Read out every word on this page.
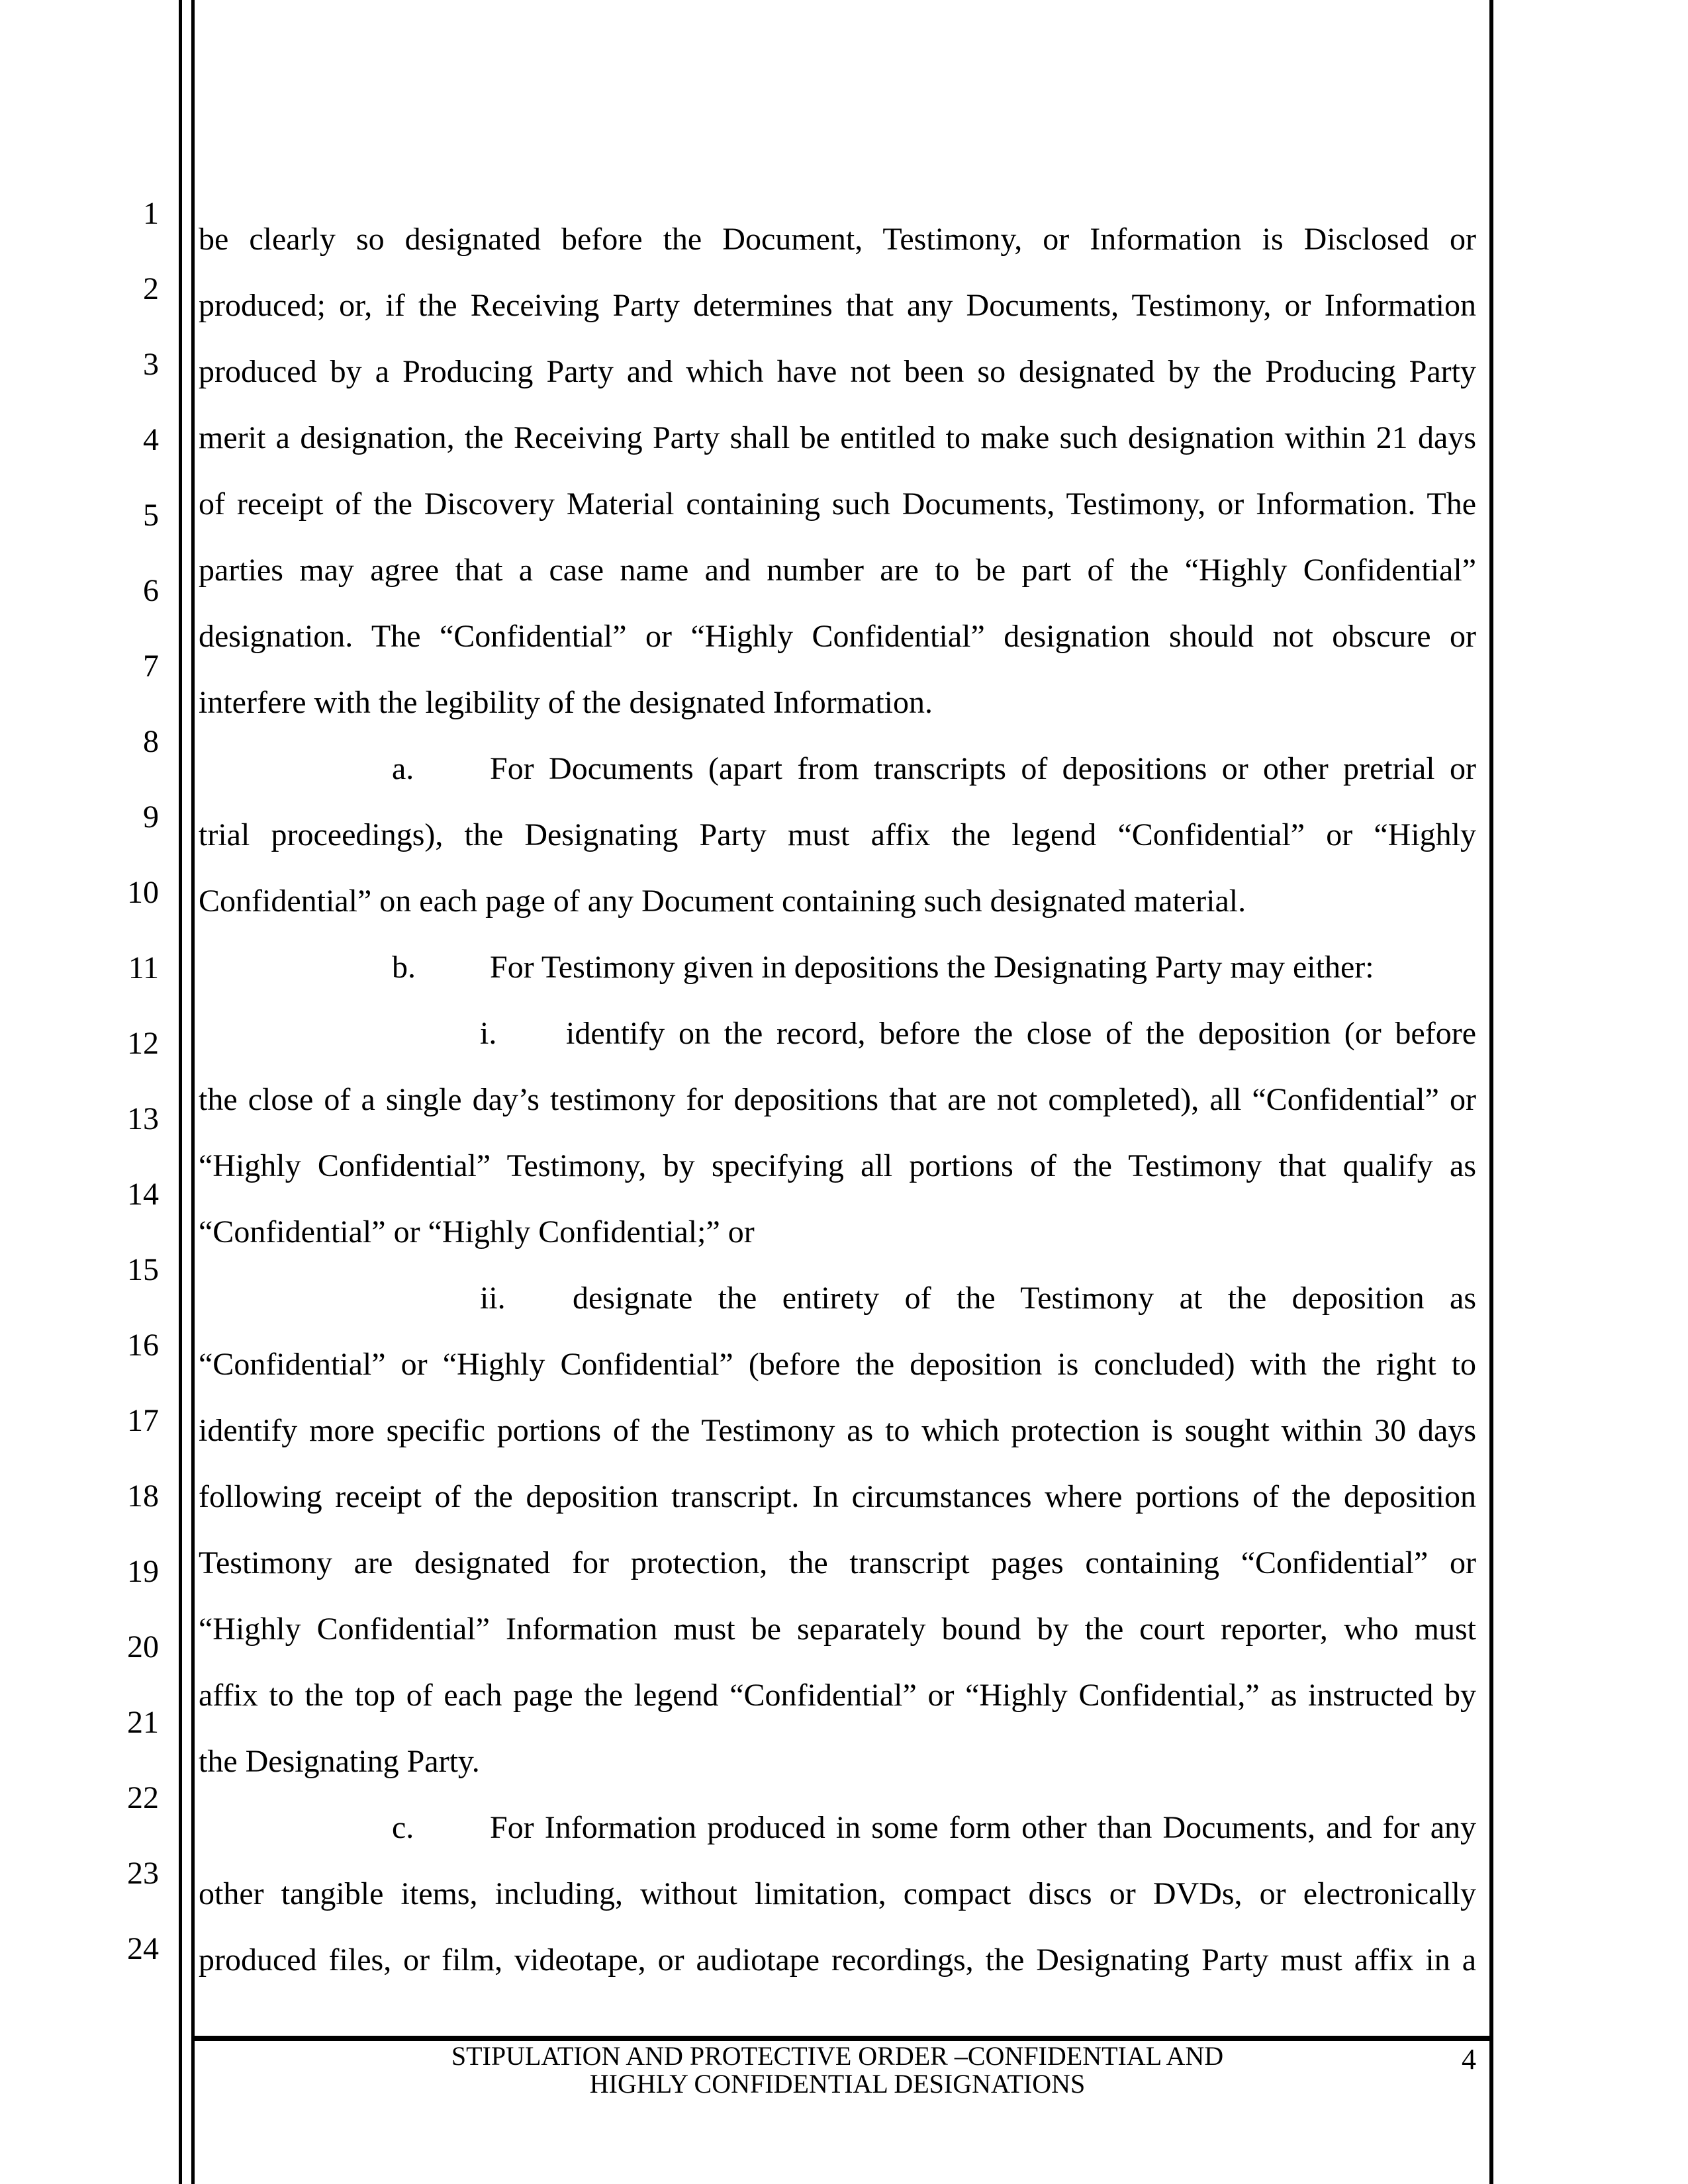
1
2
3
4
5
6
7
8
9
10
11
12
13
14
15
16
17
18
19
20
21
22
23
24
be clearly so designated before the Document, Testimony, or Information is Disclosed or
produced; or, if the Receiving Party determines that any Documents, Testimony, or Information
produced by a Producing Party and which have not been so designated by the Producing Party
merit a designation, the Receiving Party shall be entitled to make such designation within 21 days
of receipt of the Discovery Material containing such Documents, Testimony, or Information. The
parties may agree that a case name and number are to be part of the “Highly Confidential”
designation. The “Confidential” or “Highly Confidential” designation should not obscure or
interfere with the legibility of the designated Information.
a.	For Documents (apart from transcripts of depositions or other pretrial or
trial proceedings), the Designating Party must affix the legend “Confidential” or “Highly
Confidential” on each page of any Document containing such designated material.
b.	For Testimony given in depositions the Designating Party may either:
i.	identify on the record, before the close of the deposition (or before
the close of a single day’s testimony for depositions that are not completed), all “Confidential” or
“Highly Confidential” Testimony, by specifying all portions of the Testimony that qualify as
“Confidential” or “Highly Confidential;” or
ii.	designate the entirety of the Testimony at the deposition as
“Confidential” or “Highly Confidential” (before the deposition is concluded) with the right to
identify more specific portions of the Testimony as to which protection is sought within 30 days
following receipt of the deposition transcript. In circumstances where portions of the deposition
Testimony are designated for protection, the transcript pages containing “Confidential” or
“Highly Confidential” Information must be separately bound by the court reporter, who must
affix to the top of each page the legend “Confidential” or “Highly Confidential,” as instructed by
the Designating Party.
c.	For Information produced in some form other than Documents, and for any
other tangible items, including, without limitation, compact discs or DVDs, or electronically
produced files, or film, videotape, or audiotape recordings, the Designating Party must affix in a
STIPULATION AND PROTECTIVE ORDER –CONFIDENTIAL AND
HIGHLY CONFIDENTIAL DESIGNATIONS
4
